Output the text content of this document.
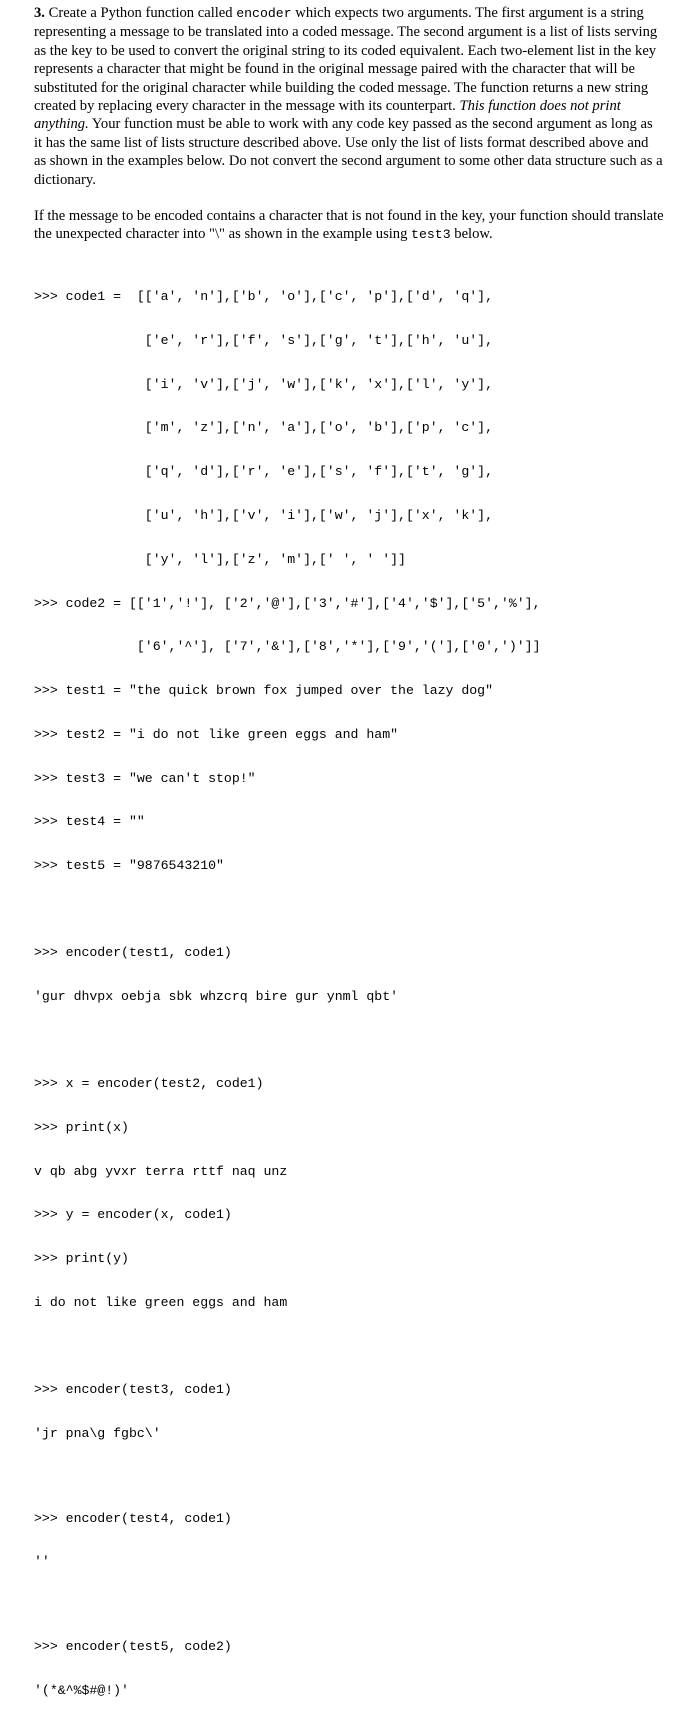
3. Create a Python function called encoder which expects two arguments. The first argument is a string representing a message to be translated into a coded message. The second argument is a list of lists serving as the key to be used to convert the original string to its coded equivalent. Each two-element list in the key represents a character that might be found in the original message paired with the character that will be substituted for the original character while building the coded message. The function returns a new string created by replacing every character in the message with its counterpart. This function does not print anything. Your function must be able to work with any code key passed as the second argument as long as it has the same list of lists structure described above. Use only the list of lists format described above and as shown in the examples below. Do not convert the second argument to some other data structure such as a dictionary.

If the message to be encoded contains a character that is not found in the key, your function should translate the unexpected character into "\" as shown in the example using test3 below.

>>> code1 =  [['a', 'n'],['b', 'o'],['c', 'p'],['d', 'q'],

['e', 'r'],['f', 's'],['g', 't'],['h', 'u'],

['i', 'v'],['j', 'w'],['k', 'x'],['l', 'y'],

['m', 'z'],['n', 'a'],['o', 'b'],['p', 'c'],

['q', 'd'],['r', 'e'],['s', 'f'],['t', 'g'],

['u', 'h'],['v', 'i'],['w', 'j'],['x', 'k'],

['y', 'l'],['z', 'm'],[' ', ' ']]

>>> code2 = [['1','!'], ['2','@'],['3','#'],['4','$'],['5','%'],

['6','^'], ['7','&'],['8','*'],['9','('],['0',')']]

>>> test1 = "the quick brown fox jumped over the lazy dog"

>>> test2 = "i do not like green eggs and ham"

>>> test3 = "we can't stop!"

>>> test4 = ""

>>> test5 = "9876543210"

>>> encoder(test1, code1)

'gur dhvpx oebja sbk whzcrq bire gur ynml qbt'

>>> x = encoder(test2, code1)

>>> print(x)

v qb abg yvxr terra rttf naq unz

>>> y = encoder(x, code1)

>>> print(y)

i do not like green eggs and ham

>>> encoder(test3, code1)

'jr pna\g fgbc\'

>>> encoder(test4, code1)

''

>>> encoder(test5, code2)

'(*&^%$#@!)'
